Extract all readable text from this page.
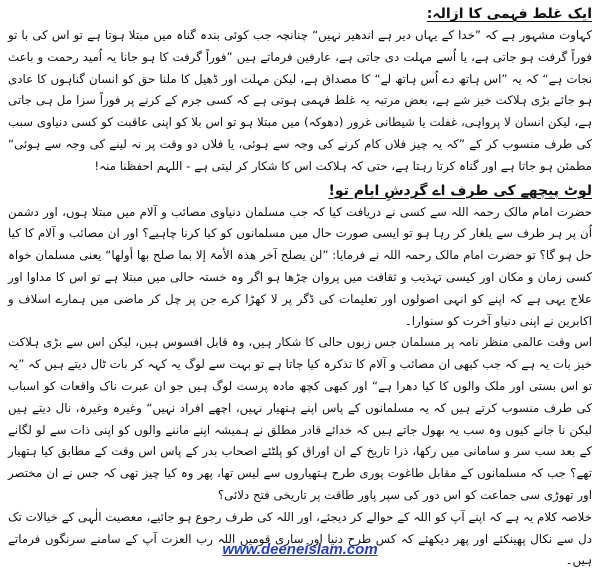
ایک غلط فہمی کا ازالہ:

کہاوت مشہور ہے کہ ”خدا کے یہاں دیر ہے اندھیر نہیں“ چنانچہ جب کوئی بندہ گناہ میں مبتلا ہوتا ہے تو اس کی با تو فوراً گرفت ہو جاتی ہے، یا اُسے مہلت دی جاتی ہے، عارفین فرماتے ہیں ”فوراً گرفت کا ہو جانا یہ اُمید رحمت و باعث نجات ہے“ کہ یہ ”اس ہاتھ دے اُس ہاتھ لے“ کا مصداق ہے، لیکن مہلت اور ڈھیل کا ملنا حق کو انسان گناہوں کا عادی ہو جائے بڑی ہلاکت خیز شے ہے، بعض مرتبہ یہ غلط فہمی ہوتی ہے کہ کسی جرم کے کرنے پر فوراً سزا مل ہی جاتی ہے، لیکن انسان لا پرواہی، غفلت یا شیطانی غرور (دھوکہ) میں مبتلا ہو تو اس بلا کو اپنی عاقبت کو کسی دنیاوی سبب کی طرف منسوب کر کے ”کہ یہ چیز فلاں کام کرنے کی وجہ سے ہوئی، یا فلاں دو وقت پر نہ لینے کی وجہ سے ہوئی“ مطمئن ہو جاتا ہے اور گناہ کرتا رہتا ہے، حتی کہ ہلاکت اس کا شکار کر لیتی ہے - اللہم احفظنا منہ!

لوٹ پیچھے کی طرف اے گردشِ ایام تو!

حضرت امام مالک رحمہ اللہ سے کسی نے دریافت کیا کہ جب مسلمان دنیاوی مصائب و آلام میں مبتلا ہوں، اور دشمن اُن پر ہر طرف سے یلغار کر رہا ہو تو ایسی صورت حال میں مسلمانوں کو کیا کرنا چاہیے؟ اور ان مصائب و آلام کا کیا حل ہو گا؟ تو حضرت امام مالک رحمہ اللہ نے فرمایا: ”لن یصلح آخر ھذہ الأمۃ إلا بما صلح بھا أولھا“ یعنی مسلمان خواہ کسی زمان و مکان اور کیسی تہذیب و ثقافت میں پروان چڑھا ہو اگر وہ خستہ حالی میں مبتلا ہے تو اس کا مداوا اور علاج یہی ہے کہ اپنے کو انہی اصولوں اور تعلیمات کی ڈگر پر لا کھڑا کرے جن پر چل کر ماضی میں ہمارے اسلاف و اکابرین نے اپنی دنیاو آخرت کو سنوارا۔

اس وقت عالمی منظر نامہ پر مسلمان جس زبوں حالی کا شکار ہیں، وہ قابل افسوس ہیں، لیکن اس سے بڑی ہلاکت خیز بات یہ ہے کہ جب کبھی ان مصائب و آلام کا تذکرہ کیا جاتا ہے تو بہت سے لوگ یہ کہہ کر بات ٹال دیتے ہیں کہ ”یہ تو اس بستی اور ملک والوں کا کیا دھرا ہے“ اور کبھی کچھ مادہ پرست لوگ ہیں جو ان عبرت ناک واقعات کو اسباب کی طرف منسوب کرتے ہیں کہ یہ مسلمانوں کے پاس اپنے ہتھیار نہیں، اچھے افراد نہیں“ وغیرہ وغیرہ، نال دیتے ہیں لیکن نا جانے کیوں وہ سب یہ بھول جاتے ہیں کہ خدائے قادر مطلق نے ہمیشہ اپنے ماننے والوں کو اپنی ذات سے لو لگانے کے بعد سب سر و سامانی میں رکھا، ذرا تاریخ کے ان اوراق کو پلٹئے اصحاب بدر کے پاس اس وقت کے مطابق کیا ہتھیار تھے؟ جب کہ مسلمانوں کے مقابل طاغوت پوری طرح ہتھیاروں سے لیس تھا، پھر وہ کیا چیز تھی کہ جس نے ان مختصر اور تھوڑی سی جماعت کو اس دور کی سپر پاور طاقت پر تاریخی فتح دلائی؟

خلاصہ کلام یہ ہے کہ اپنے آپ کو اللہ کے حوالے کر دیجئے، اور اللہ کی طرف رجوع ہو جائیے، معصیت الٰہی کے خیالات تک دل سے نکال پھینکئے اور پھر دیکھئے کہ کس طرح دنیا اور ساری قومیں اللہ رب العزت آپ کے سامنے سرنگوں فرماتے ہیں۔

www.deeneislam.com
